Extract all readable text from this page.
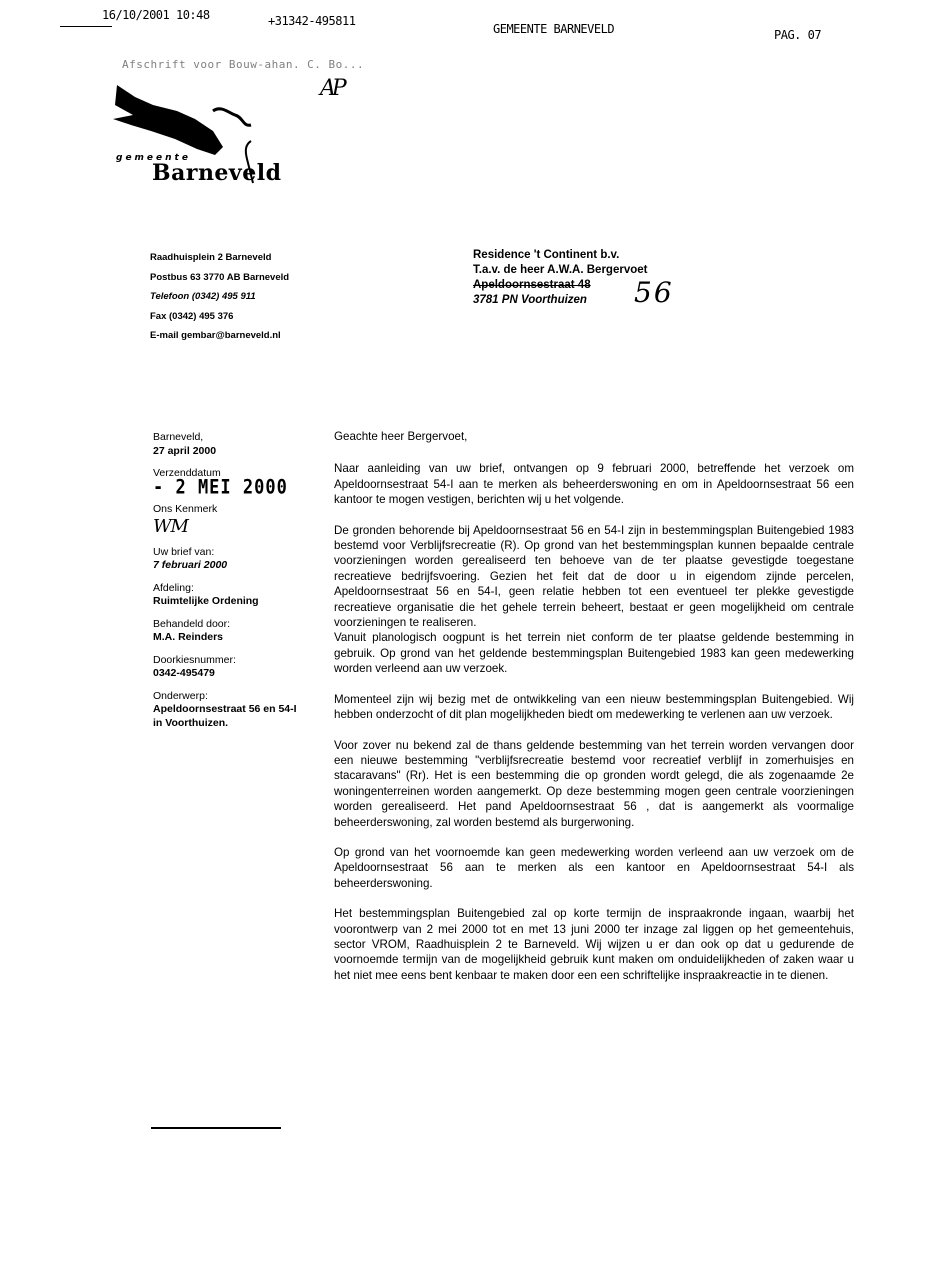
16/10/2001 10:48	+31342-495811
GEMEENTE BARNEVELD	PAG. 07
Afschrift voor Bouw-ahan. C. Bo...
AP
gemeente
Barneveld
Raadhuisplein 2 Barneveld
Postbus 63 3770 AB Barneveld
Telefoon (0342) 495 911
Fax (0342) 495 376
E-mail gembar@barneveld.nl
Residence 't Continent b.v.
T.a.v. de heer A.W.A. Bergervoet
Apeldoornsestraat 48
3781 PN Voorthuizen	56
Barneveld,
27 april 2000
Verzenddatum
- 2 MEI 2000
Ons Kenmerk
WM
Uw brief van:
7 februari 2000
Afdeling:
Ruimtelijke Ordening
Behandeld door:
M.A. Reinders
Doorkiesnummer:
0342-495479
Onderwerp:
Apeldoornsestraat 56 en 54-I
in Voorthuizen.

Geachte heer Bergervoet,

Naar aanleiding van uw brief, ontvangen op 9 februari 2000, betreffende het verzoek om Apeldoornsestraat 54-I aan te merken als beheerderswoning en om in Apeldoornsestraat 56 een kantoor te mogen vestigen, berichten wij u het volgende.

De gronden behorende bij Apeldoornsestraat 56 en 54-I zijn in bestemmingsplan Buitengebied 1983 bestemd voor Verblijfsrecreatie (R). Op grond van het bestemmingsplan kunnen bepaalde centrale voorzieningen worden gerealiseerd ten behoeve van de ter plaatse gevestigde toegestane recreatieve bedrijfsvoering. Gezien het feit dat de door u in eigendom zijnde percelen, Apeldoornsestraat 56 en 54-I, geen relatie hebben tot een eventueel ter plekke gevestigde recreatieve organisatie die het gehele terrein beheert, bestaat er geen mogelijkheid om centrale voorzieningen te realiseren.

Vanuit planologisch oogpunt is het terrein niet conform de ter plaatse geldende bestemming in gebruik. Op grond van het geldende bestemmingsplan Buitengebied 1983 kan geen medewerking worden verleend aan uw verzoek.

Momenteel zijn wij bezig met de ontwikkeling van een nieuw bestemmingsplan Buitengebied. Wij hebben onderzocht of dit plan mogelijkheden biedt om medewerking te verlenen aan uw verzoek.

Voor zover nu bekend zal de thans geldende bestemming van het terrein worden vervangen door een nieuwe bestemming "verblijfsrecreatie bestemd voor recreatief verblijf in zomerhuisjes en stacaravans" (Rr). Het is een bestemming die op gronden wordt gelegd, die als zogenaamde 2e woningenterreinen worden aangemerkt. Op deze bestemming mogen geen centrale voorzieningen worden gerealiseerd. Het pand Apeldoornsestraat 56 , dat is aangemerkt als voormalige beheerderswoning, zal worden bestemd als burgerwoning.

Op grond van het voornoemde kan geen medewerking worden verleend aan uw verzoek om de Apeldoornsestraat 56 aan te merken als een kantoor en Apeldoornsestraat 54-I als beheerderswoning.

Het bestemmingsplan Buitengebied zal op korte termijn de inspraakronde ingaan, waarbij het voorontwerp van 2 mei 2000 tot en met 13 juni 2000 ter inzage zal liggen op het gemeentehuis, sector VROM, Raadhuisplein 2 te Barneveld. Wij wijzen u er dan ook op dat u gedurende de voornoemde termijn van de mogelijkheid gebruik kunt maken om onduidelijkheden of zaken waar u het niet mee eens bent kenbaar te maken door een een schriftelijke inspraakreactie in te dienen.
